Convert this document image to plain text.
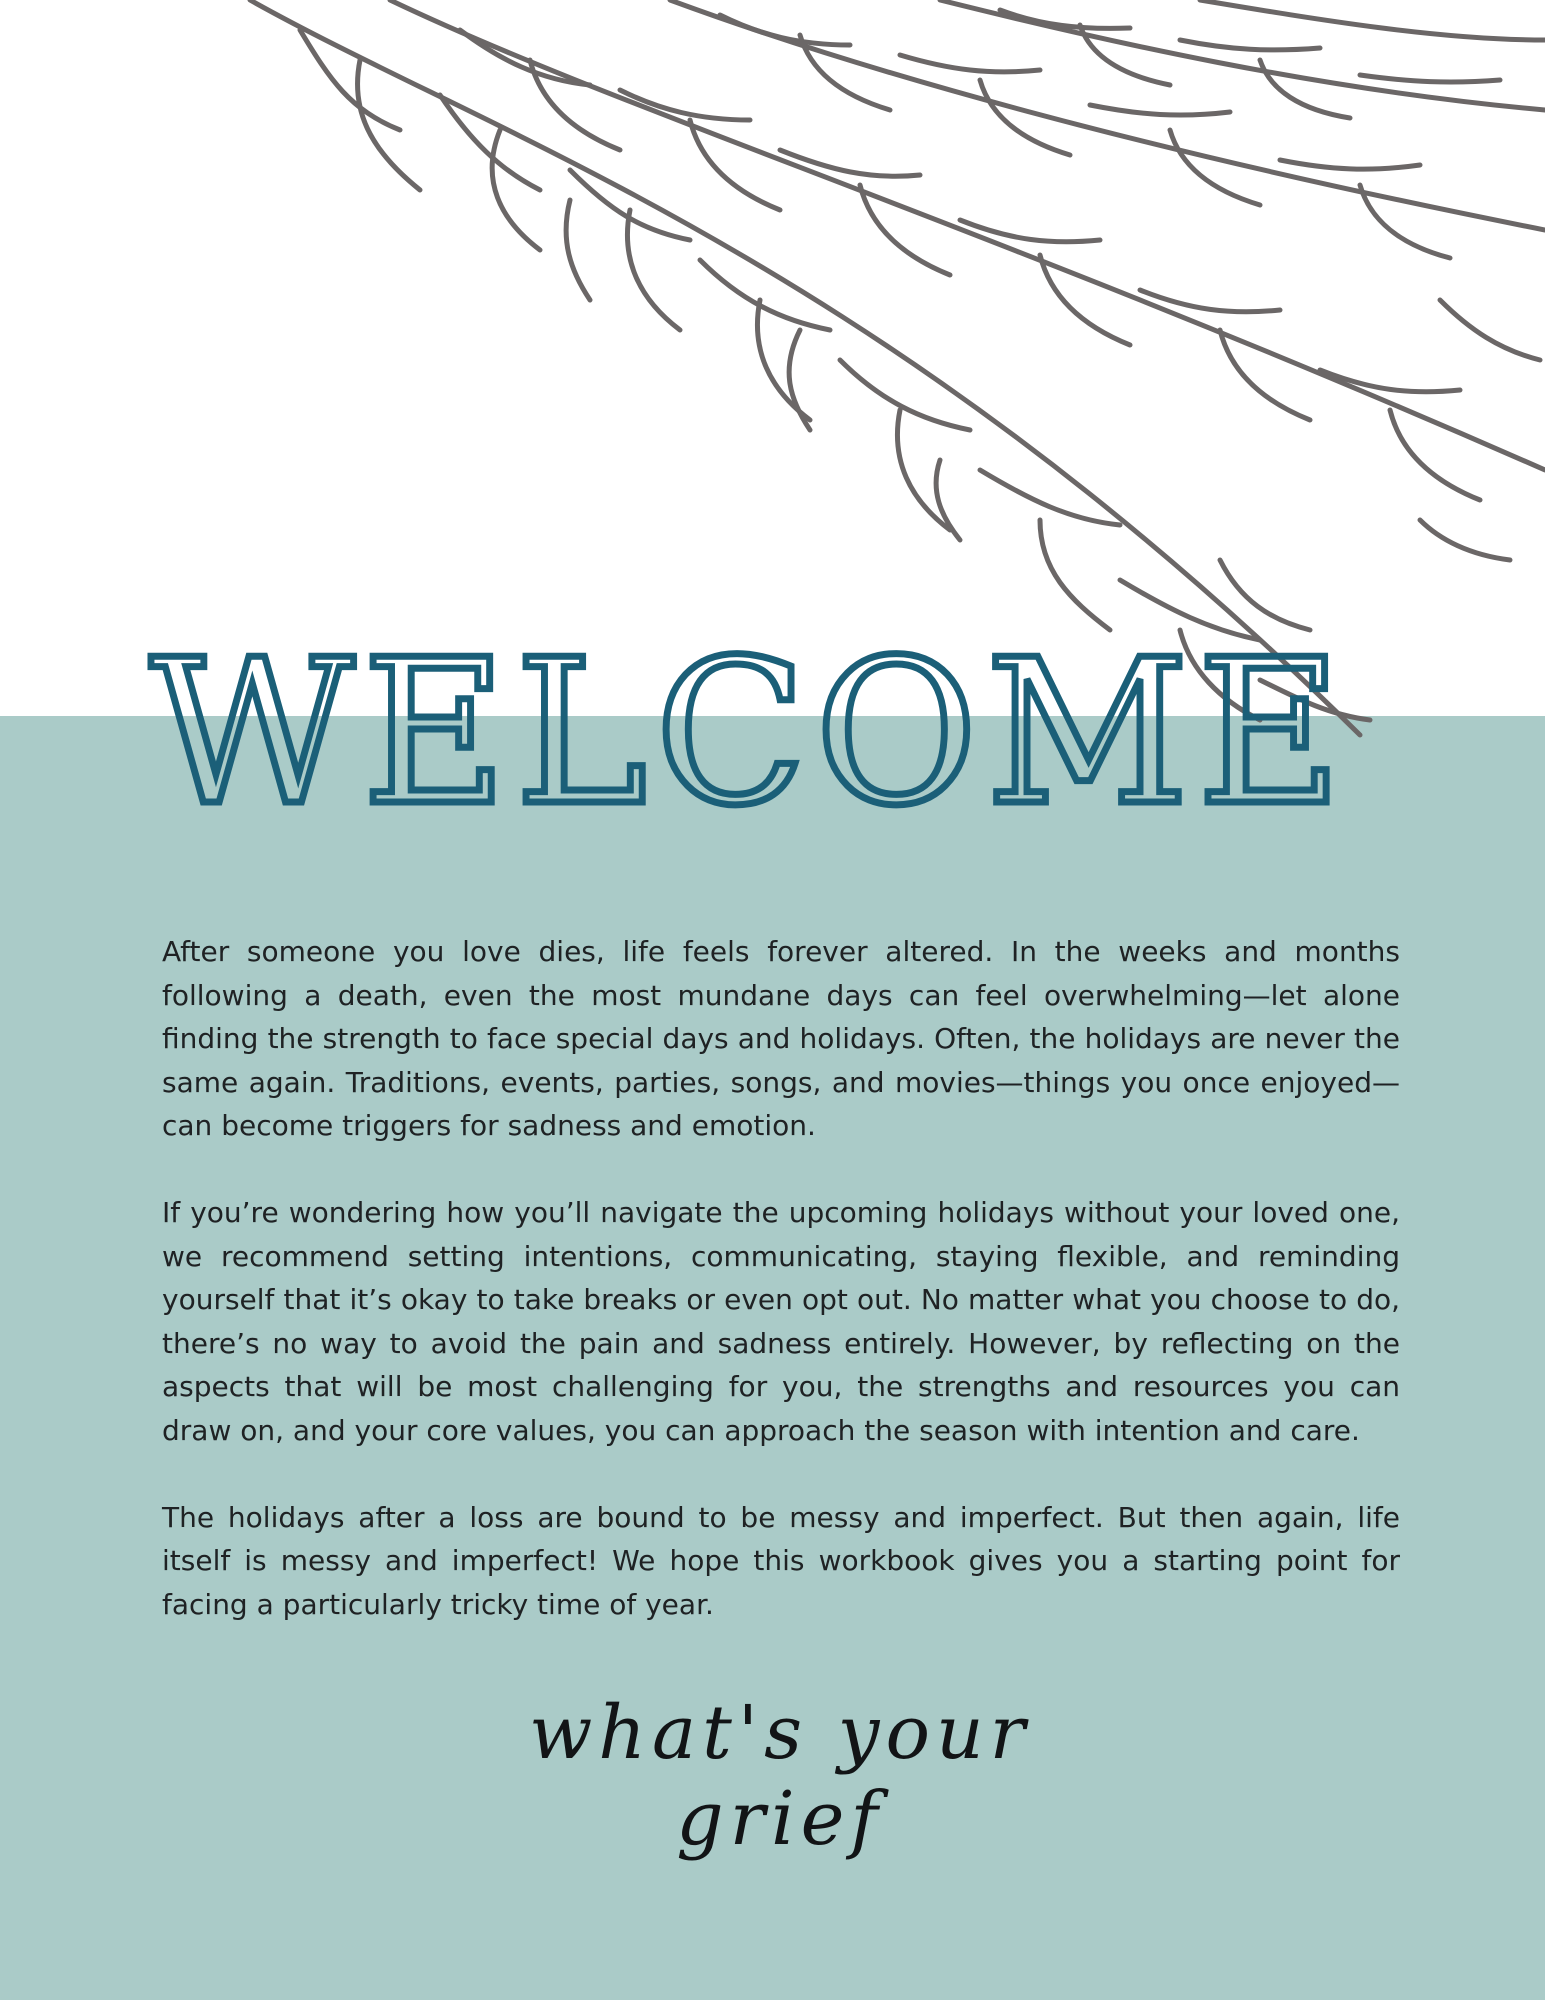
WELCOME

After someone you love dies, life feels forever altered. In the weeks and months following a death, even the most mundane days can feel overwhelming—let alone finding the strength to face special days and holidays. Often, the holidays are never the same again. Traditions, events, parties, songs, and movies—things you once enjoyed—can become triggers for sadness and emotion.

If you’re wondering how you’ll navigate the upcoming holidays without your loved one, we recommend setting intentions, communicating, staying flexible, and reminding yourself that it’s okay to take breaks or even opt out. No matter what you choose to do, there’s no way to avoid the pain and sadness entirely. However, by reflecting on the aspects that will be most challenging for you, the strengths and resources you can draw on, and your core values, you can approach the season with intention and care.

The holidays after a loss are bound to be messy and imperfect. But then again, life itself is messy and imperfect! We hope this workbook gives you a starting point for facing a particularly tricky time of year.

what's your grief
